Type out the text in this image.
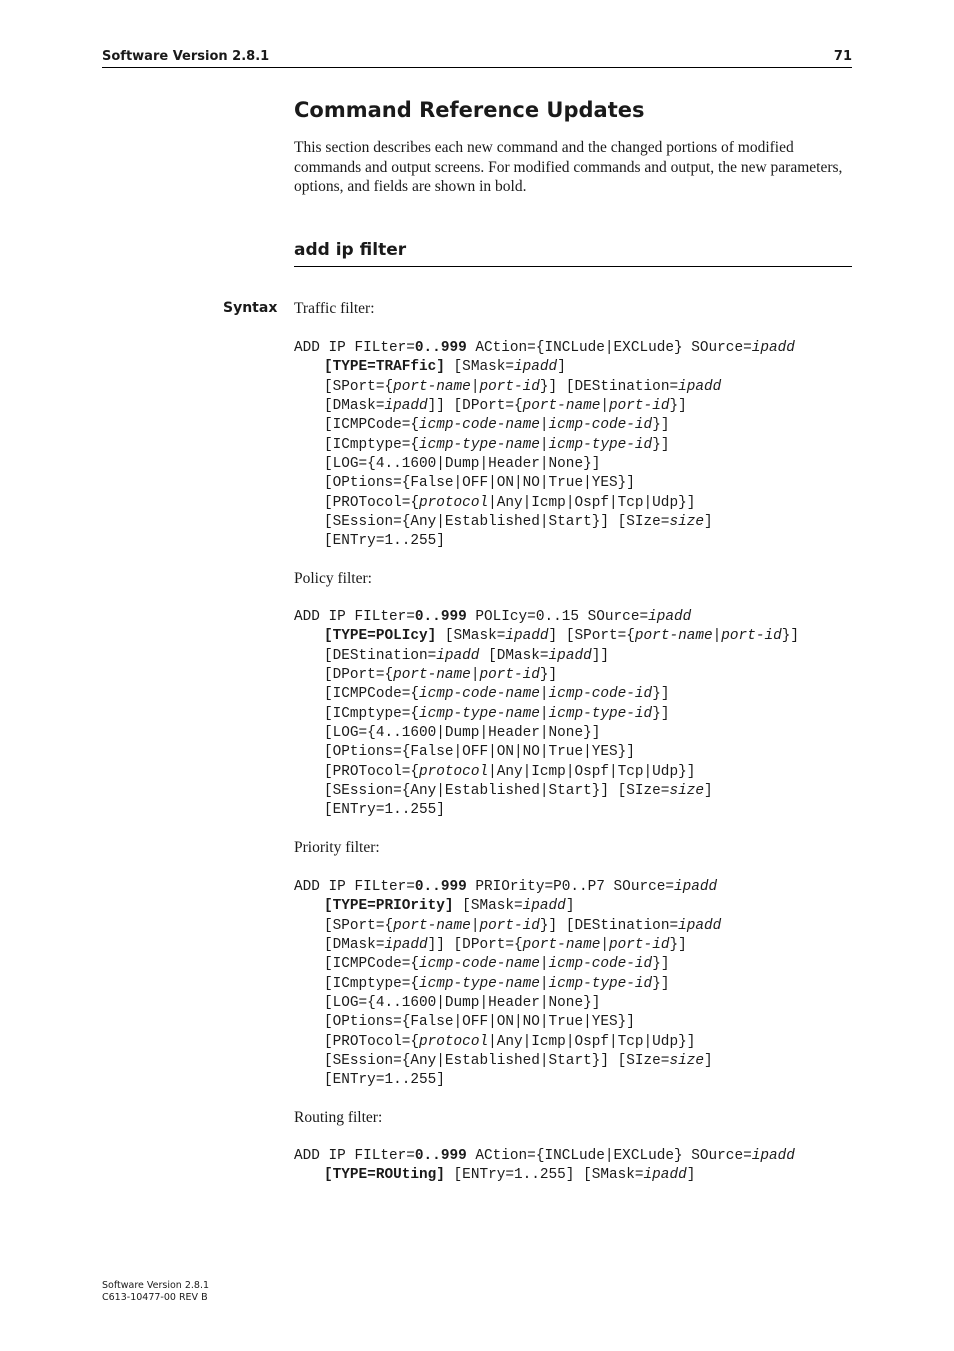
Software Version 2.8.1	71
Command Reference Updates

This section describes each new command and the changed portions of modified commands and output screens. For modified commands and output, the new parameters, options, and fields are shown in bold.

add ip filter
Syntax Traffic filter:

ADD IP FILter=0..999 ACtion={INCLude|EXCLude} SOurce=ipadd
[TYPE=TRAFfic] [SMask=ipadd]
[SPort={port-name|port-id}] [DEStination=ipadd
[DMask=ipadd]] [DPort={port-name|port-id}]
[ICMPCode={icmp-code-name|icmp-code-id}]
[ICmptype={icmp-type-name|icmp-type-id}]
[LOG={4..1600|Dump|Header|None}]
[OPtions={False|OFF|ON|NO|True|YES}]
[PROTocol={protocol|Any|Icmp|Ospf|Tcp|Udp}]
[SEssion={Any|Established|Start}] [SIze=size]
[ENTry=1..255]

Policy filter:

ADD IP FILter=0..999 POLIcy=0..15 SOurce=ipadd
[TYPE=POLIcy] [SMask=ipadd] [SPort={port-name|port-id}]
[DEStination=ipadd [DMask=ipadd]]
[DPort={port-name|port-id}]
[ICMPCode={icmp-code-name|icmp-code-id}]
[ICmptype={icmp-type-name|icmp-type-id}]
[LOG={4..1600|Dump|Header|None}]
[OPtions={False|OFF|ON|NO|True|YES}]
[PROTocol={protocol|Any|Icmp|Ospf|Tcp|Udp}]
[SEssion={Any|Established|Start}] [SIze=size]
[ENTry=1..255]

Priority filter:

ADD IP FILter=0..999 PRIOrity=P0..P7 SOurce=ipadd
[TYPE=PRIOrity] [SMask=ipadd]
[SPort={port-name|port-id}] [DEStination=ipadd
[DMask=ipadd]] [DPort={port-name|port-id}]
[ICMPCode={icmp-code-name|icmp-code-id}]
[ICmptype={icmp-type-name|icmp-type-id}]
[LOG={4..1600|Dump|Header|None}]
[OPtions={False|OFF|ON|NO|True|YES}]
[PROTocol={protocol|Any|Icmp|Ospf|Tcp|Udp}]
[SEssion={Any|Established|Start}] [SIze=size]
[ENTry=1..255]

Routing filter:

ADD IP FILter=0..999 ACtion={INCLude|EXCLude} SOurce=ipadd
[TYPE=ROUting] [ENTry=1..255] [SMask=ipadd]
Software Version 2.8.1
C613-10477-00 REV B
